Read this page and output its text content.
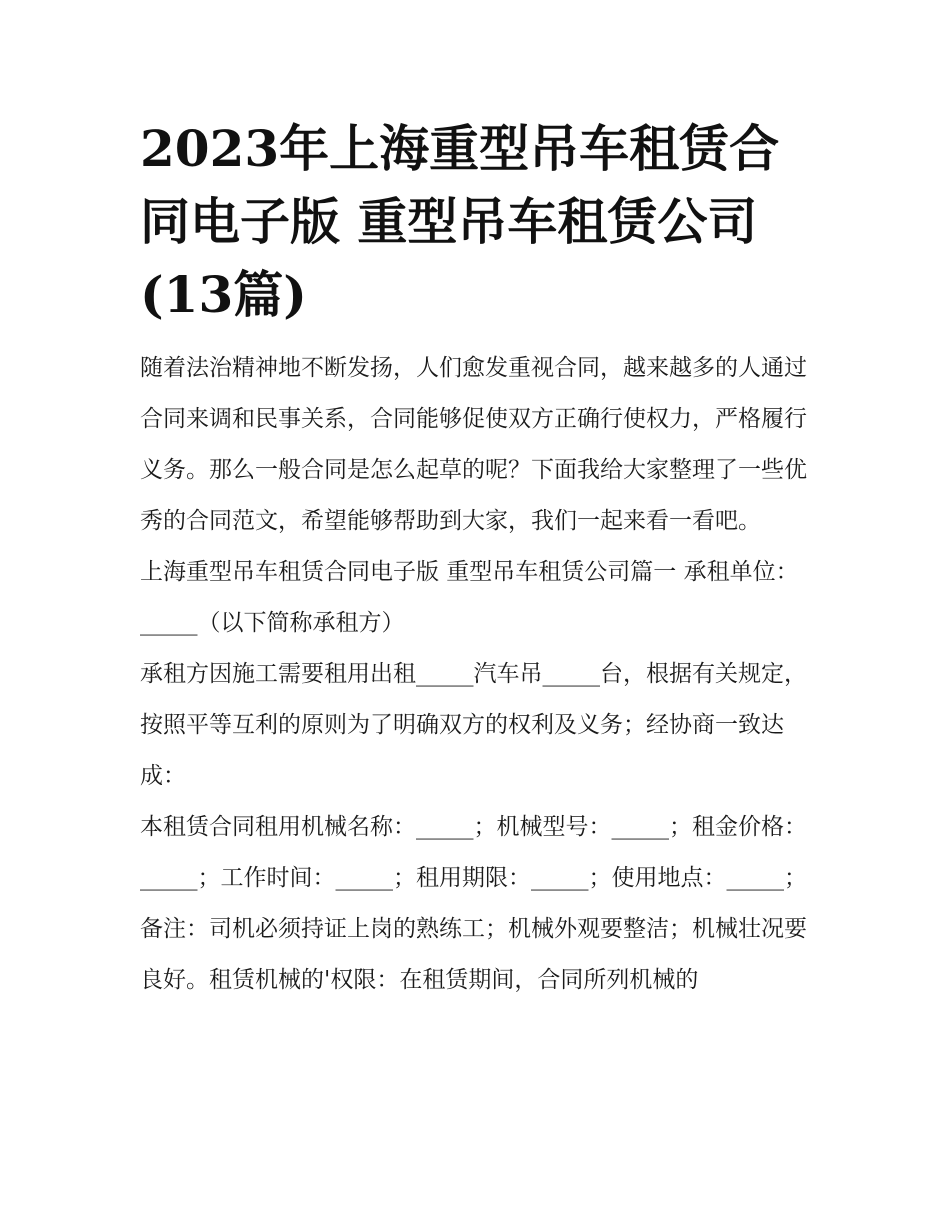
2023年上海重型吊车租赁合同电子版 重型吊车租赁公司(13篇)

随着法治精神地不断发扬，人们愈发重视合同，越来越多的人通过合同来调和民事关系，合同能够促使双方正确行使权力，严格履行义务。那么一般合同是怎么起草的呢？下面我给大家整理了一些优秀的合同范文，希望能够帮助到大家，我们一起来看一看吧。

上海重型吊车租赁合同电子版 重型吊车租赁公司篇一 承租单位：_____（以下简称承租方）

承租方因施工需要租用出租_____汽车吊_____台，根据有关规定，按照平等互利的原则为了明确双方的权利及义务；经协商一致达成：

本租赁合同租用机械名称：_____；机械型号：_____；租金价格：_____；工作时间：_____；租用期限：_____；使用地点：_____；

备注：司机必须持证上岗的熟练工；机械外观要整洁；机械壮况要良好。租赁机械的'权限：在租赁期间，合同所列机械的
